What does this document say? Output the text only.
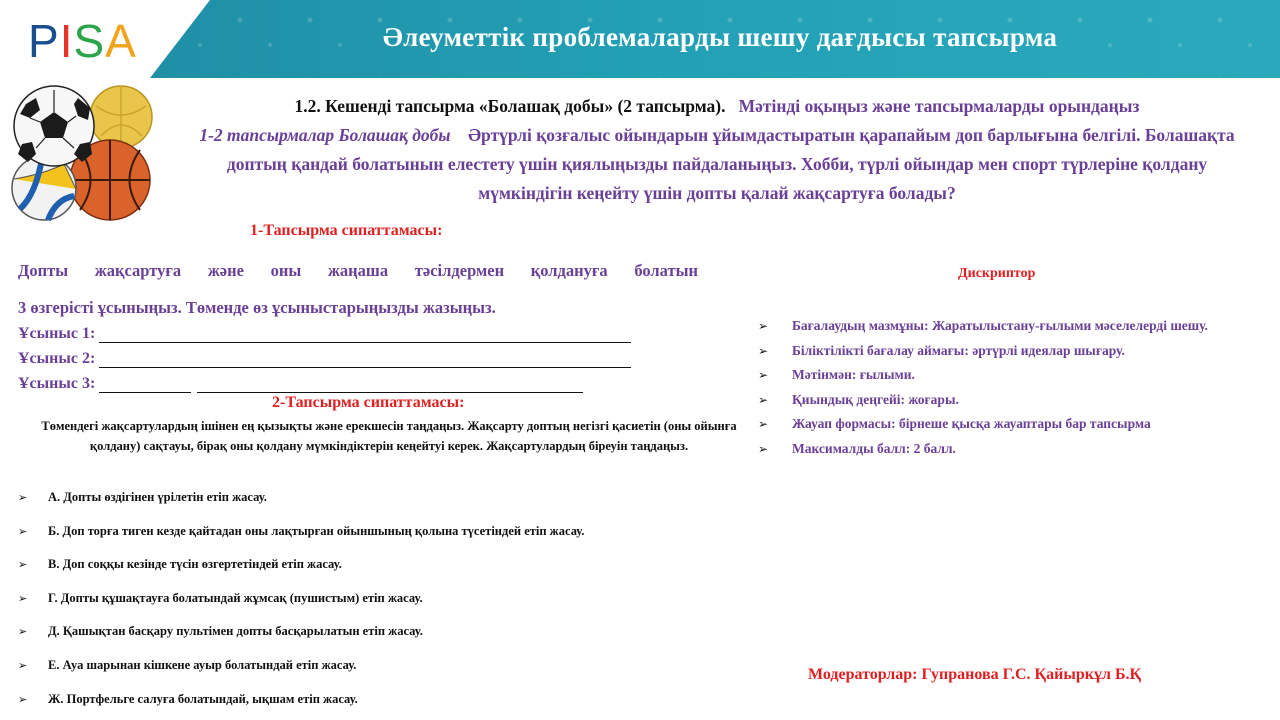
PISA	Әлеуметтік проблемаларды шешу дағдысы тапсырма
1.2. Кешенді тапсырма «Болашақ добы» (2 тапсырма). Мәтінді оқыңыз және тапсырмаларды орындаңыз
1-2 тапсырмалар Болашақ добы Әртүрлі қозғалыс ойындарын ұйымдастыратын қарапайым доп барлығына белгілі. Болашақта доптың қандай болатынын елестету үшін қиялыңызды пайдаланыңыз. Хобби, түрлі ойындар мен спорт түрлеріне қолдану мүмкіндігін кеңейту үшін допты қалай жақсартуға болады?
1-Тапсырма сипаттамасы:
Допты жақсартуға және оны жаңаша тәсілдермен қолдануға болатын
3 өзгерісті ұсыныңыз. Төменде өз ұсыныстарыңызды жазыңыз.
Ұсыныс 1:
Ұсыныс 2:
Ұсыныс 3:
2-Тапсырма сипаттамасы:
Төмендегі жақсартулардың ішінен ең қызықты және ерекшесін таңдаңыз. Жақсарту доптың негізгі қасиетін (оны ойынға қолдану) сақтауы, бірақ оны қолдану мүмкіндіктерін кеңейтуі керек. Жақсартулардың біреуін таңдаңыз.
➢	А. Допты өздігінен үрілетін етіп жасау.
➢	Б. Доп торға тиген кезде қайтадан оны лақтырған ойыншының қолына түсетіндей етіп жасау.
➢	В. Доп соққы кезінде түсін өзгертетіндей етіп жасау.
➢	Г. Допты құшақтауға болатындай жұмсақ (пушистым) етіп жасау.
➢	Д. Қашықтан басқару пультімен допты басқарылатын етіп жасау.
➢	Е. Ауа шарынан кішкене ауыр болатындай етіп жасау.
➢	Ж. Портфельге салуға болатындай, ықшам етіп жасау.
Дискриптор
➢	Бағалаудың мазмұны: Жаратылыстану-ғылыми мәселелерді шешу.
➢	Біліктілікті бағалау аймағы: әртүрлі идеялар шығару.
➢	Мәтінмән: ғылыми.
➢	Қиындық деңгейі: жоғары.
➢	Жауап формасы: бірнеше қысқа жауаптары бар тапсырма
➢	Максималды балл: 2 балл.
Модераторлар: Гупранова Г.С. Қайыркұл Б.Қ
